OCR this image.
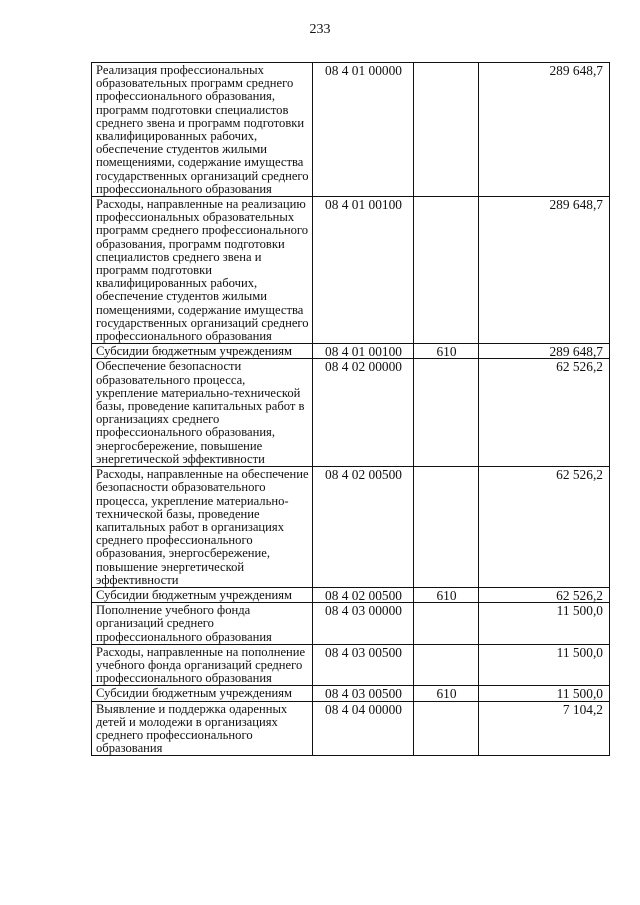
233
Реализация профессиональных образовательных программ среднего профессионального образования, программ подготовки специалистов среднего звена и программ подготовки квалифицированных рабочих, обеспечение студентов жилыми помещениями, содержание имущества государственных организаций среднего профессионального образования	08 4 01 00000		289 648,7
Расходы, направленные на реализацию профессиональных образовательных программ среднего профессионального образования, программ подготовки специалистов среднего звена и программ подготовки квалифицированных рабочих, обеспечение студентов жилыми помещениями, содержание имущества государственных организаций среднего профессионального образования	08 4 01 00100		289 648,7
Субсидии бюджетным учреждениям	08 4 01 00100	610	289 648,7
Обеспечение безопасности образовательного процесса, укрепление материально-технической базы, проведение капитальных работ в организациях среднего профессионального образования, энергосбережение, повышение энергетической эффективности	08 4 02 00000		62 526,2
Расходы, направленные на обеспечение безопасности образовательного процесса, укрепление материально-технической базы, проведение капитальных работ в организациях среднего профессионального образования, энергосбережение, повышение энергетической эффективности	08 4 02 00500		62 526,2
Субсидии бюджетным учреждениям	08 4 02 00500	610	62 526,2
Пополнение учебного фонда организаций среднего профессионального образования	08 4 03 00000		11 500,0
Расходы, направленные на пополнение учебного фонда организаций среднего профессионального образования	08 4 03 00500		11 500,0
Субсидии бюджетным учреждениям	08 4 03 00500	610	11 500,0
Выявление и поддержка одаренных детей и молодежи в организациях среднего профессионального образования	08 4 04 00000		7 104,2
